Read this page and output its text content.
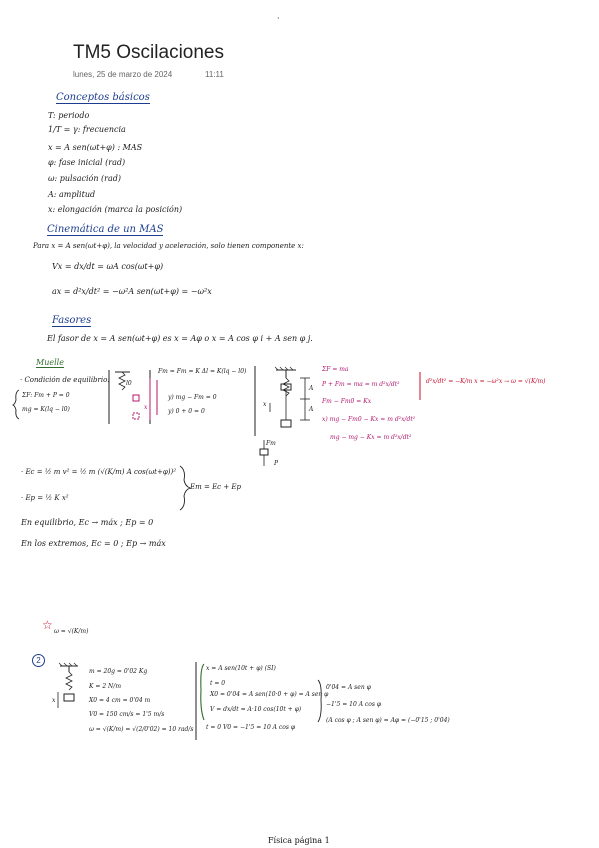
·
TM5 Oscilaciones
lunes, 25 de marzo de 2024	11:11
Conceptos básicos
T: periodo
1/T = γ: frecuencia
x = A sen(ωt+φ) : MAS
φ: fase inicial (rad)
ω: pulsación (rad)
A: amplitud
x: elongación (marca la posición)
Cinemática de un MAS
Para x = A sen(ωt+φ), la velocidad y aceleración, solo tienen componente x:
Vx = dx/dt = ωA cos(ωt+φ)
ax = d²x/dt² = −ω²A sen(ωt+φ) = −ω²x
Fasores
El fasor de x = A sen(ωt+φ) es x = Aφ o x = A cos φ i + A sen φ j.
Muelle
· Condición de equilibrio:
ΣF: Fm + P = 0
mg = K(lq − l0)
l0
x
Fm = Fm = K Δl = K(lq − l0)
y) mg − Fm = 0
y) 0 + 0 = 0
A
A
x
Fm
P
ΣF = ma
P + Fm = ma = m d²x/dt²
Fm − Fm0 = Kx
x) mg − Fm0 − Kx = m d²x/dt²
mg − mg − Kx = m d²x/dt²
d²x/dt² = −K/m x = −ω²x → ω = √(K/m)
· Ec = ½ m v² = ½ m (√(K/m) A cos(ωt+φ))²
· Ep = ½ K x²
Em = Ec + Ep
En equilibrio, Ec → máx ; Ep = 0
En los extremos, Ec = 0 ; Ep → máx
☆ ω = √(K/m)
2
x
m = 20g = 0'02 Kg
K = 2 N/m
X0 = 4 cm = 0'04 m
V0 = 150 cm/s = 1'5 m/s
ω = √(K/m) = √(2/0'02) = 10 rad/s
x = A sen(10t + φ) (SI)
t = 0
X0 = 0'04 = A sen(10·0 + φ) = A sen φ
V = dx/dt = A·10 cos(10t + φ)
t = 0 V0 = −1'5 = 10 A cos φ
0'04 = A sen φ
−1'5 = 10 A cos φ
(A cos φ ; A sen φ) = Aφ = (−0'15 ; 0'04)
Física página 1
